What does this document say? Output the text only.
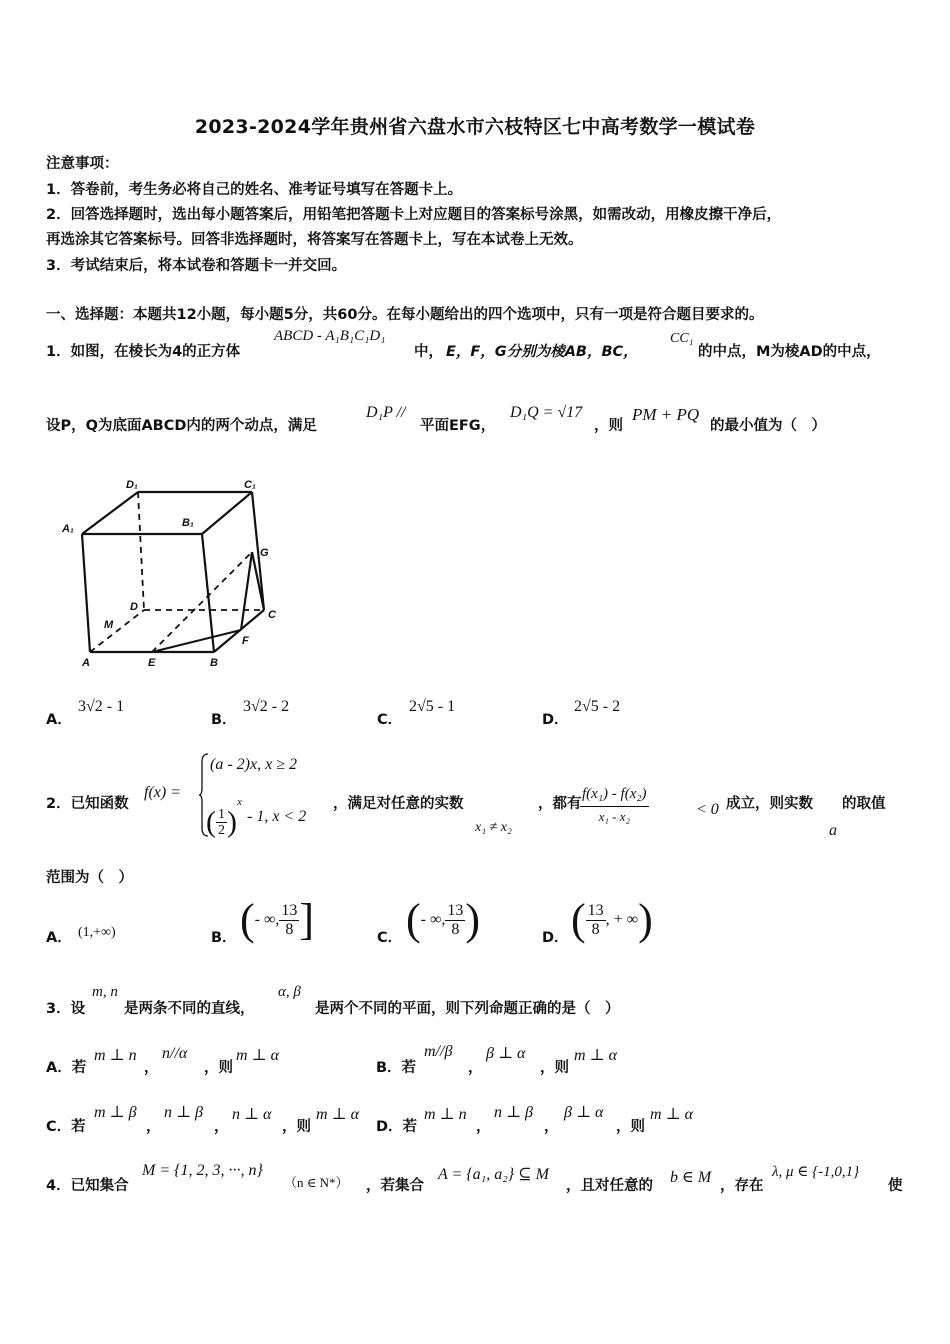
2023-2024学年贵州省六盘水市六枝特区七中高考数学一模试卷
注意事项：
1．答卷前，考生务必将自己的姓名、准考证号填写在答题卡上。
2．回答选择题时，选出每小题答案后，用铅笔把答题卡上对应题目的答案标号涂黑，如需改动，用橡皮擦干净后，
再选涂其它答案标号。回答非选择题时，将答案写在答题卡上，写在本试卷上无效。
3．考试结束后，将本试卷和答题卡一并交回。
一、选择题：本题共12小题，每小题5分，共60分。在每小题给出的四个选项中，只有一项是符合题目要求的。
1．如图，在棱长为4的正方体
ABCD - A₁B₁C₁D₁
中， E，F，G分别为棱AB，BC，
CC₁
的中点，M为棱AD的中点，
设P，Q为底面ABCD内的两个动点，满足
D₁P //
平面EFG，
D₁Q = √17
，则
PM + PQ
的最小值为（　）
D₁	C₁
A₁	B₁
G
D
C
M
F
A	E	B
A．
3√2 - 1
B．
3√2 - 2
C．
2√5 - 1
D．
2√5 - 2
2．已知函数
f(x) =
(a - 2)x, x ≥ 2
( $\frac{1}{2} )^x - 1$, x < 2
，满足对任意的实数
x₁ ≠ x₂
，都有
$\frac{\text{f(x₁) - f(x₂)}}{\text{x₁ - x₂}}$	< 0 成立，则实数
a
的取值
范围为（　）
A． (1,+∞)	B． (- ∞, $\frac{13}{8}$ ]	C． (- ∞, $\frac{13}{8}$ )	D． ( $\frac{13}{8}$ , + ∞)
3．设
m, n
是两条不同的直线，
α, β
是两个不同的平面，则下列命题正确的是（　）
A．若
m ⊥ n
，
n//α
，则
m ⊥ α
B．若
m//β
，
β ⊥ α
，则
m ⊥ α
C．若
m ⊥ β
，
n ⊥ β
，
n ⊥ α
，则
m ⊥ α
D．若
m ⊥ n
，
n ⊥ β
，
β ⊥ α
，则
m ⊥ α
4．已知集合
M = {1, 2, 3, ···, n}
（n ∈ N*） ，若集合
A = {a₁, a₂} ⊆ M
，且对任意的 b ∈ M ，存在
λ, μ ∈ {-1,0,1}
使
